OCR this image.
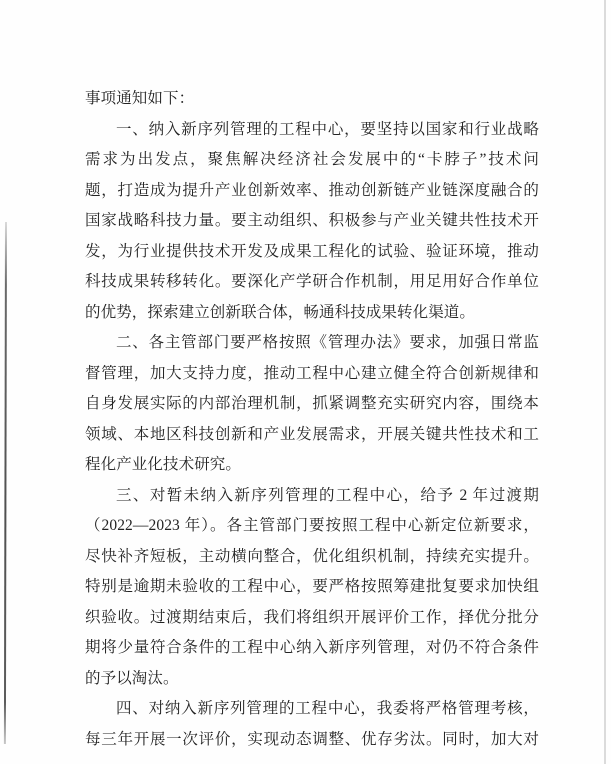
事项通知如下：
一、纳入新序列管理的工程中心，要坚持以国家和行业战略
需求为出发点，聚焦解决经济社会发展中的“卡脖子”技术问
题，打造成为提升产业创新效率、推动创新链产业链深度融合的
国家战略科技力量。要主动组织、积极参与产业关键共性技术开
发，为行业提供技术开发及成果工程化的试验、验证环境，推动
科技成果转移转化。要深化产学研合作机制，用足用好合作单位
的优势，探索建立创新联合体，畅通科技成果转化渠道。
二、各主管部门要严格按照《管理办法》要求，加强日常监
督管理，加大支持力度，推动工程中心建立健全符合创新规律和
自身发展实际的内部治理机制，抓紧调整充实研究内容，围绕本
领域、本地区科技创新和产业发展需求，开展关键共性技术和工
程化产业化技术研究。
三、对暂未纳入新序列管理的工程中心，给予 2 年过渡期
（2022—2023 年）。各主管部门要按照工程中心新定位新要求，
尽快补齐短板，主动横向整合，优化组织机制，持续充实提升。
特别是逾期未验收的工程中心，要严格按照筹建批复要求加快组
织验收。过渡期结束后，我们将组织开展评价工作，择优分批分
期将少量符合条件的工程中心纳入新序列管理，对仍不符合条件
的予以淘汰。
四、对纳入新序列管理的工程中心，我委将严格管理考核，
每三年开展一次评价，实现动态调整、优存劣汰。同时，加大对
